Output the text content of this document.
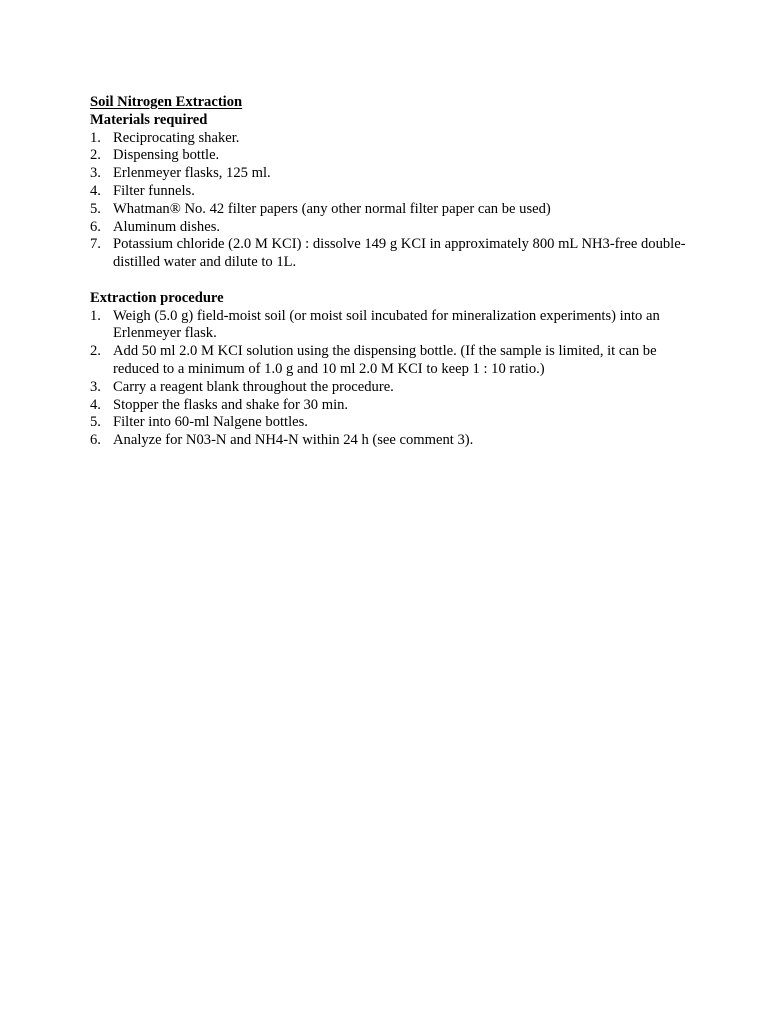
Soil Nitrogen Extraction

Materials required

1. Reciprocating shaker.
2. Dispensing bottle.
3. Erlenmeyer flasks, 125 ml.
4. Filter funnels.
5. Whatman® No. 42 filter papers (any other normal filter paper can be used)
6. Aluminum dishes.
7. Potassium chloride (2.0 M KCI) : dissolve 149 g KCI in approximately 800 mL NH3-free double-distilled water and dilute to 1L.

Extraction procedure

1. Weigh (5.0 g) field-moist soil (or moist soil incubated for mineralization experiments) into an Erlenmeyer flask.
2. Add 50 ml 2.0 M KCI solution using the dispensing bottle. (If the sample is limited, it can be reduced to a minimum of 1.0 g and 10 ml 2.0 M KCI to keep 1 : 10 ratio.)
3. Carry a reagent blank throughout the procedure.
4. Stopper the flasks and shake for 30 min.
5. Filter into 60-ml Nalgene bottles.
6. Analyze for N03-N and NH4-N within 24 h (see comment 3).
